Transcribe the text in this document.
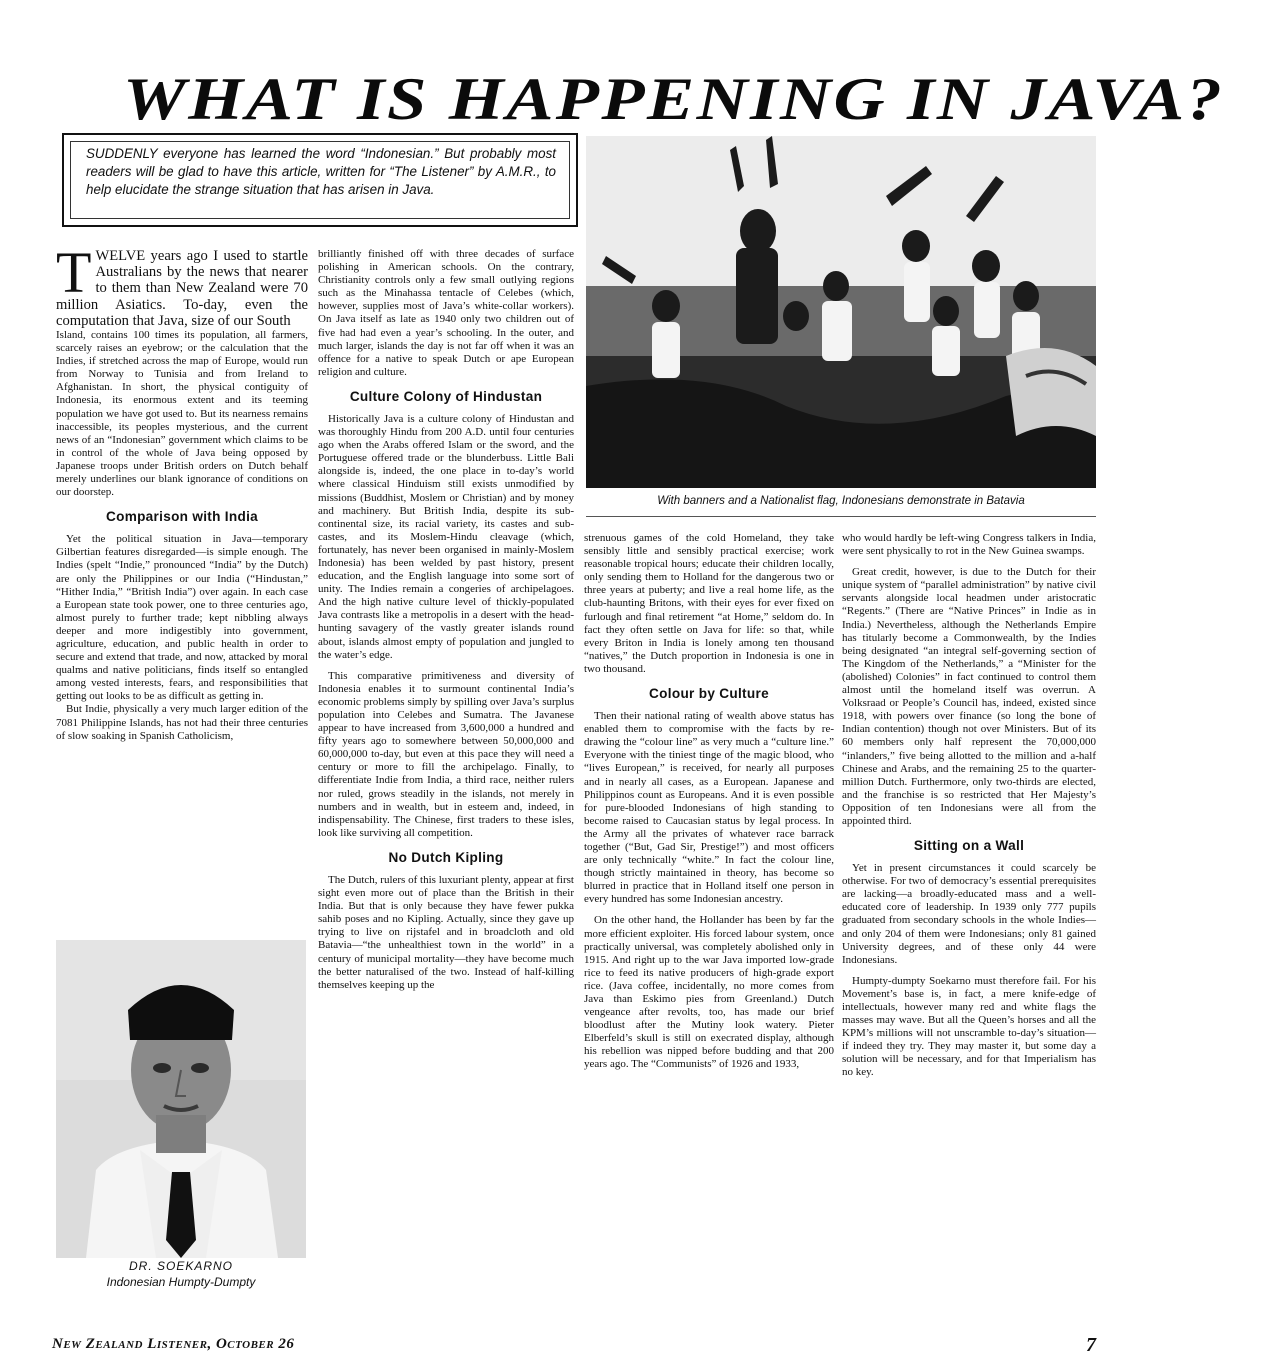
WHAT IS HAPPENING IN JAVA?
SUDDENLY everyone has learned the word “Indonesian.” But probably most readers will be glad to have this article, written for “The Listener” by A.M.R., to help elucidate the strange situation that has arisen in Java.
With banners and a Nationalist flag, Indonesians demonstrate in Batavia

TWELVE years ago I used to startle Australians by the news that nearer to them than New Zealand were 70 million Asiatics. To-day, even the computation that Java, size of our South

Island, contains 100 times its population, all farmers, scarcely raises an eyebrow; or the calculation that the Indies, if stretched across the map of Europe, would run from Norway to Tunisia and from Ireland to Afghanistan. In short, the physical contiguity of Indonesia, its enormous extent and its teeming population we have got used to. But its nearness remains inaccessible, its peoples mysterious, and the current news of an “Indonesian” government which claims to be in control of the whole of Java being opposed by Japanese troops under British orders on Dutch behalf merely underlines our blank ignorance of conditions on our doorstep.

Comparison with India

Yet the political situation in Java—temporary Gilbertian features disregarded—is simple enough. The Indies (spelt “Indie,” pronounced “India” by the Dutch) are only the Philippines or our India (“Hindustan,” “Hither India,” “British India”) over again. In each case a European state took power, one to three centuries ago, almost purely to further trade; kept nibbling always deeper and more indigestibly into government, agriculture, education, and public health in order to secure and extend that trade, and now, attacked by moral qualms and native politicians, finds itself so entangled among vested interests, fears, and responsibilities that getting out looks to be as difficult as getting in.

But Indie, physically a very much larger edition of the 7081 Philippine Islands, has not had their three centuries of slow soaking in Spanish Catholicism,

DR. SOEKARNO
Indonesian Humpty-Dumpty

brilliantly finished off with three decades of surface polishing in American schools. On the contrary, Christianity controls only a few small outlying regions such as the Minahassa tentacle of Celebes (which, however, supplies most of Java’s white-collar workers). On Java itself as late as 1940 only two children out of five had had even a year’s schooling. In the outer, and much larger, islands the day is not far off when it was an offence for a native to speak Dutch or ape European religion and culture.

Culture Colony of Hindustan

Historically Java is a culture colony of Hindustan and was thoroughly Hindu from 200 A.D. until four centuries ago when the Arabs offered Islam or the sword, and the Portuguese offered trade or the blunderbuss. Little Bali alongside is, indeed, the one place in to-day’s world where classical Hinduism still exists unmodified by missions (Buddhist, Moslem or Christian) and by money and machinery. But British India, despite its sub-continental size, its racial variety, its castes and sub-castes, and its Moslem-Hindu cleavage (which, fortunately, has never been organised in mainly-Moslem Indonesia) has been welded by past history, present education, and the English language into some sort of unity. The Indies remain a congeries of archipelagoes. And the high native culture level of thickly-populated Java contrasts like a metropolis in a desert with the head-hunting savagery of the vastly greater islands round about, islands almost empty of population and jungled to the water’s edge.

This comparative primitiveness and diversity of Indonesia enables it to surmount continental India’s economic problems simply by spilling over Java’s surplus population into Celebes and Sumatra. The Javanese appear to have increased from 3,600,000 a hundred and fifty years ago to somewhere between 50,000,000 and 60,000,000 to-day, but even at this pace they will need a century or more to fill the archipelago. Finally, to differentiate Indie from India, a third race, neither rulers nor ruled, grows steadily in the islands, not merely in numbers and in wealth, but in esteem and, indeed, in indispensability. The Chinese, first traders to these isles, look like surviving all competition.

No Dutch Kipling

The Dutch, rulers of this luxuriant plenty, appear at first sight even more out of place than the British in their India. But that is only because they have fewer pukka sahib poses and no Kipling. Actually, since they gave up trying to live on rijstafel and in broadcloth and old Batavia—“the unhealthiest town in the world” in a century of municipal mortality—they have become much the better naturalised of the two. Instead of half-killing themselves keeping up the

strenuous games of the cold Homeland, they take sensibly little and sensibly practical exercise; work reasonable tropical hours; educate their children locally, only sending them to Holland for the dangerous two or three years at puberty; and live a real home life, as the club-haunting Britons, with their eyes for ever fixed on furlough and final retirement “at Home,” seldom do. In fact they often settle on Java for life: so that, while every Briton in India is lonely among ten thousand “natives,” the Dutch proportion in Indonesia is one in two thousand.

Colour by Culture

Then their national rating of wealth above status has enabled them to compromise with the facts by re-drawing the “colour line” as very much a “culture line.” Everyone with the tiniest tinge of the magic blood, who “lives European,” is received, for nearly all purposes and in nearly all cases, as a European. Japanese and Philippinos count as Europeans. And it is even possible for pure-blooded Indonesians of high standing to become raised to Caucasian status by legal process. In the Army all the privates of whatever race barrack together (“But, Gad Sir, Prestige!”) and most officers are only technically “white.” In fact the colour line, though strictly maintained in theory, has become so blurred in practice that in Holland itself one person in every hundred has some Indonesian ancestry.

On the other hand, the Hollander has been by far the more efficient exploiter. His forced labour system, once practically universal, was completely abolished only in 1915. And right up to the war Java imported low-grade rice to feed its native producers of high-grade export rice. (Java coffee, incidentally, no more comes from Java than Eskimo pies from Greenland.) Dutch vengeance after revolts, too, has made our brief bloodlust after the Mutiny look watery. Pieter Elberfeld’s skull is still on execrated display, although his rebellion was nipped before budding and that 200 years ago. The “Communists” of 1926 and 1933,

who would hardly be left-wing Congress talkers in India, were sent physically to rot in the New Guinea swamps.

Great credit, however, is due to the Dutch for their unique system of “parallel administration” by native civil servants alongside local headmen under aristocratic “Regents.” (There are “Native Princes” in Indie as in India.) Nevertheless, although the Netherlands Empire has titularly become a Commonwealth, by the Indies being designated “an integral self-governing section of The Kingdom of the Netherlands,” a “Minister for the (abolished) Colonies” in fact continued to control them almost until the homeland itself was overrun. A Volksraad or People’s Council has, indeed, existed since 1918, with powers over finance (so long the bone of Indian contention) though not over Ministers. But of its 60 members only half represent the 70,000,000 “inlanders,” five being allotted to the million and a-half Chinese and Arabs, and the remaining 25 to the quarter-million Dutch. Furthermore, only two-thirds are elected, and the franchise is so restricted that Her Majesty’s Opposition of ten Indonesians were all from the appointed third.

Sitting on a Wall

Yet in present circumstances it could scarcely be otherwise. For two of democracy’s essential prerequisites are lacking—a broadly-educated mass and a well-educated core of leadership. In 1939 only 777 pupils graduated from secondary schools in the whole Indies—and only 204 of them were Indonesians; only 81 gained University degrees, and of these only 44 were Indonesians.

Humpty-dumpty Soekarno must therefore fail. For his Movement’s base is, in fact, a mere knife-edge of intellectuals, however many red and white flags the masses may wave. But all the Queen’s horses and all the KPM’s millions will not unscramble to-day’s situation—if indeed they try. They may master it, but some day a solution will be necessary, and for that Imperialism has no key.

New Zealand Listener, October 26	7
